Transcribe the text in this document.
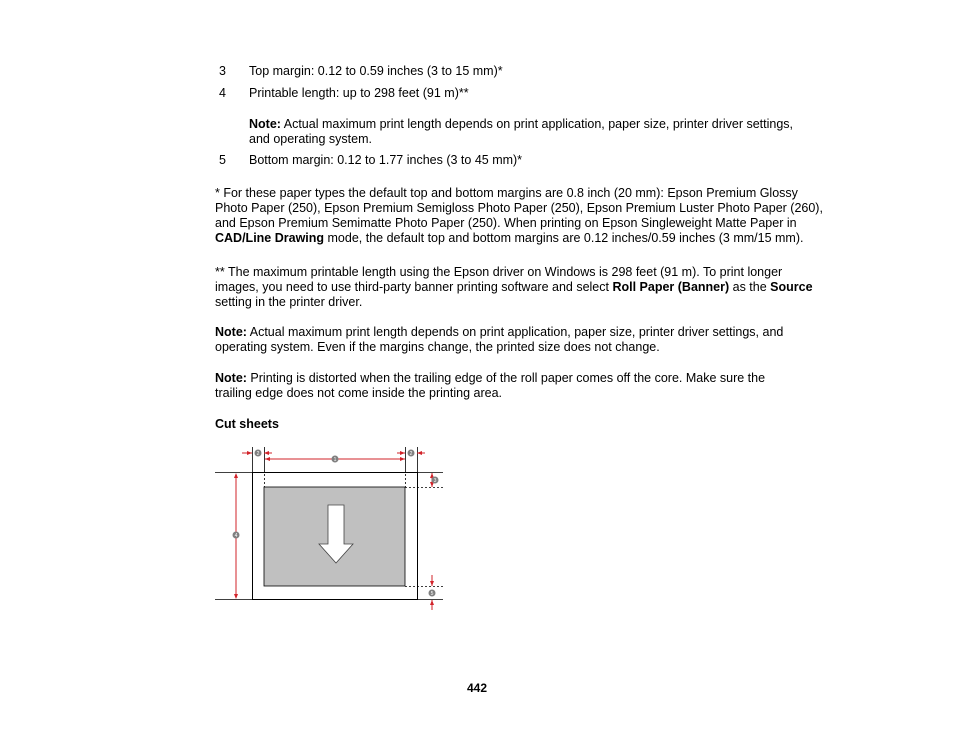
3 Top margin: 0.12 to 0.59 inches (3 to 15 mm)*
4 Printable length: up to 298 feet (91 m)**
Note: Actual maximum print length depends on print application, paper size, printer driver settings, and operating system.
5 Bottom margin: 0.12 to 1.77 inches (3 to 45 mm)*
* For these paper types the default top and bottom margins are 0.8 inch (20 mm): Epson Premium Glossy Photo Paper (250), Epson Premium Semigloss Photo Paper (250), Epson Premium Luster Photo Paper (260), and Epson Premium Semimatte Photo Paper (250). When printing on Epson Singleweight Matte Paper in CAD/Line Drawing mode, the default top and bottom margins are 0.12 inches/0.59 inches (3 mm/15 mm).
** The maximum printable length using the Epson driver on Windows is 298 feet (91 m). To print longer images, you need to use third-party banner printing software and select Roll Paper (Banner) as the Source setting in the printer driver.
Note: Actual maximum print length depends on print application, paper size, printer driver settings, and operating system. Even if the margins change, the printed size does not change.
Note: Printing is distorted when the trailing edge of the roll paper comes off the core. Make sure the trailing edge does not come inside the printing area.
Cut sheets
2
1
2
3
4
5
442
